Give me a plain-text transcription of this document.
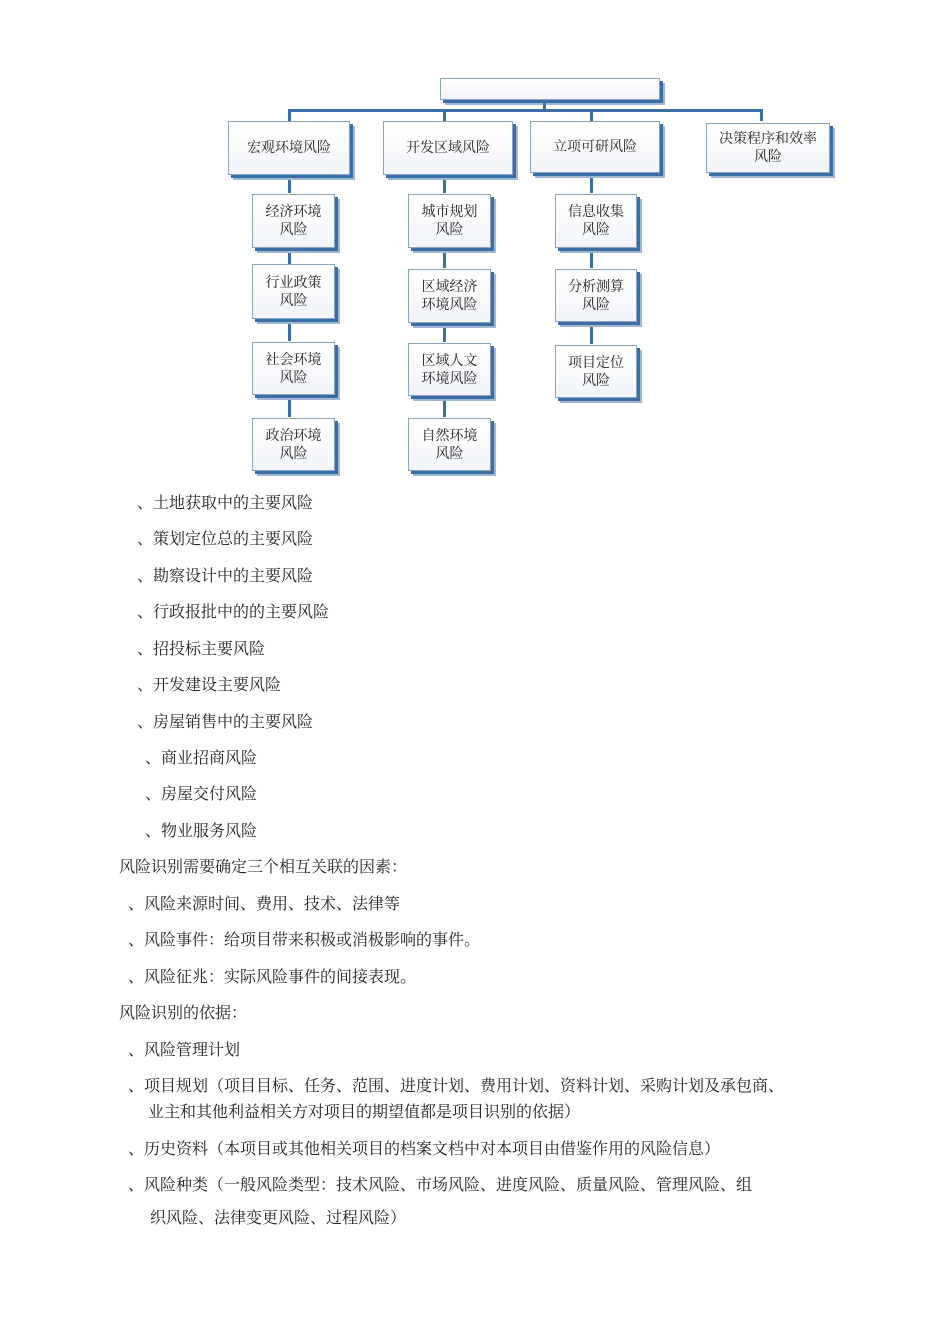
宏观环境风险	开发区域风险	立项可研风险	决策程序和效率
风险
经济环境
风险
行业政策
风险
社会环境
风险
政治环境
风险
城市规划
风险
区域经济
环境风险
区域人文
环境风险
自然环境
风险
信息收集
风险
分析测算
风险
项目定位
风险
、土地获取中的主要风险
、策划定位总的主要风险
、勘察设计中的主要风险
、行政报批中的的主要风险
、招投标主要风险
、开发建设主要风险
、房屋销售中的主要风险
、商业招商风险
、房屋交付风险
、物业服务风险
风险识别需要确定三个相互关联的因素：
、风险来源时间、费用、技术、法律等
、风险事件：给项目带来积极或消极影响的事件。
、风险征兆：实际风险事件的间接表现。
风险识别的依据：
、风险管理计划
、项目规划（项目目标、任务、范围、进度计划、费用计划、资料计划、采购计划及承包商、
业主和其他利益相关方对项目的期望值都是项目识别的依据）
、历史资料（本项目或其他相关项目的档案文档中对本项目由借鉴作用的风险信息）
、风险种类（一般风险类型：技术风险、市场风险、进度风险、质量风险、管理风险、组
织风险、法律变更风险、过程风险）
